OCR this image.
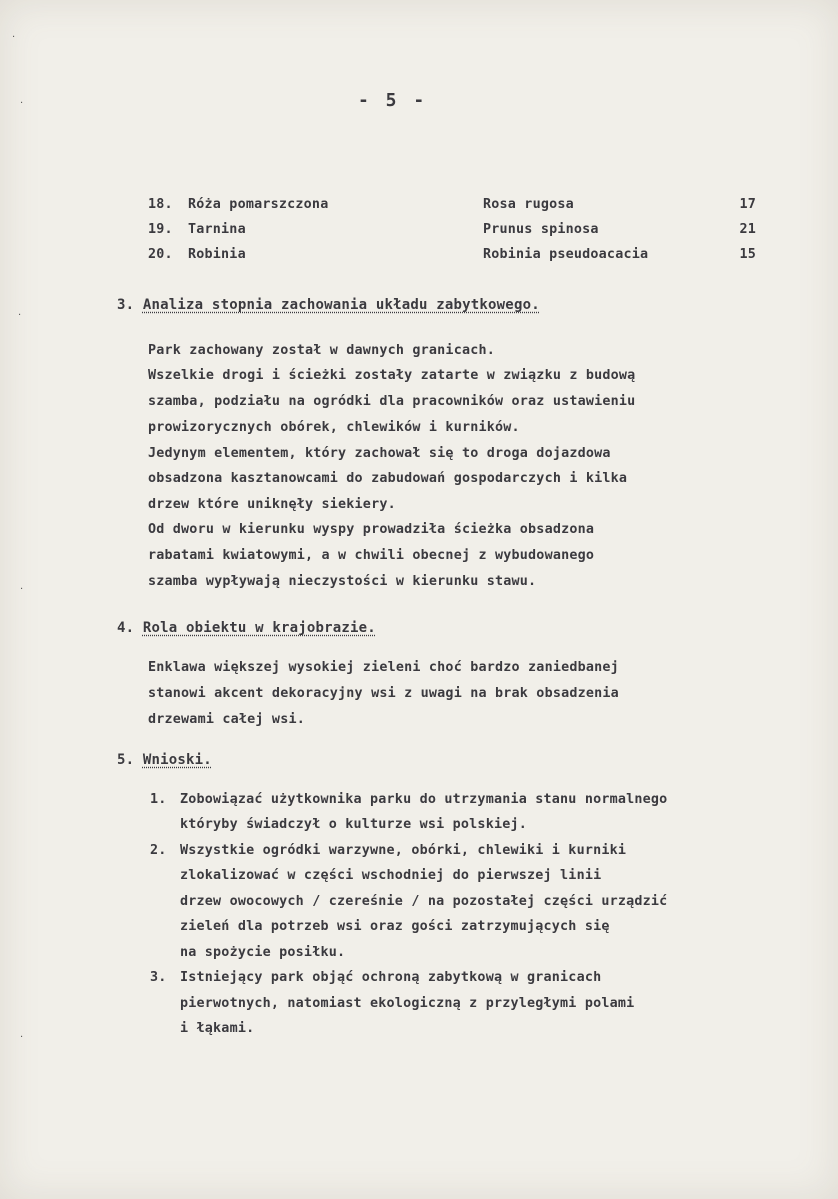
- 5 -
18. Róża pomarszczona	Rosa rugosa	17
19. Tarnina	Prunus spinosa	21
20. Robinia	Robinia pseudoacacia	15
3. Analiza stopnia zachowania układu zabytkowego.
Park zachowany został w dawnych granicach.
Wszelkie drogi i ścieżki zostały zatarte w związku z budową
szamba, podziału na ogródki dla pracowników oraz ustawieniu
prowizorycznych obórek, chlewików i kurników.
Jedynym elementem, który zachował się to droga dojazdowa
obsadzona kasztanowcami do zabudowań gospodarczych i kilka
drzew które uniknęły siekiery.
Od dworu w kierunku wyspy prowadziła ścieżka obsadzona
rabatami kwiatowymi, a w chwili obecnej z wybudowanego
szamba wypływają nieczystości w kierunku stawu.
4. Rola obiektu w krajobrazie.
Enklawa większej wysokiej zieleni choć bardzo zaniedbanej
stanowi akcent dekoracyjny wsi z uwagi na brak obsadzenia
drzewami całej wsi.
5. Wnioski.
1. Zobowiązać użytkownika parku do utrzymania stanu normalnego
któryby świadczył o kulturze wsi polskiej.
2. Wszystkie ogródki warzywne, obórki, chlewiki i kurniki
zlokalizować w części wschodniej do pierwszej linii
drzew owocowych / czereśnie / na pozostałej części urządzić
zieleń dla potrzeb wsi oraz gości zatrzymujących się
na spożycie posiłku.
3. Istniejący park objąć ochroną zabytkową w granicach
pierwotnych, natomiast ekologiczną z przyległymi polami
i łąkami.
·
·
·
·
·
